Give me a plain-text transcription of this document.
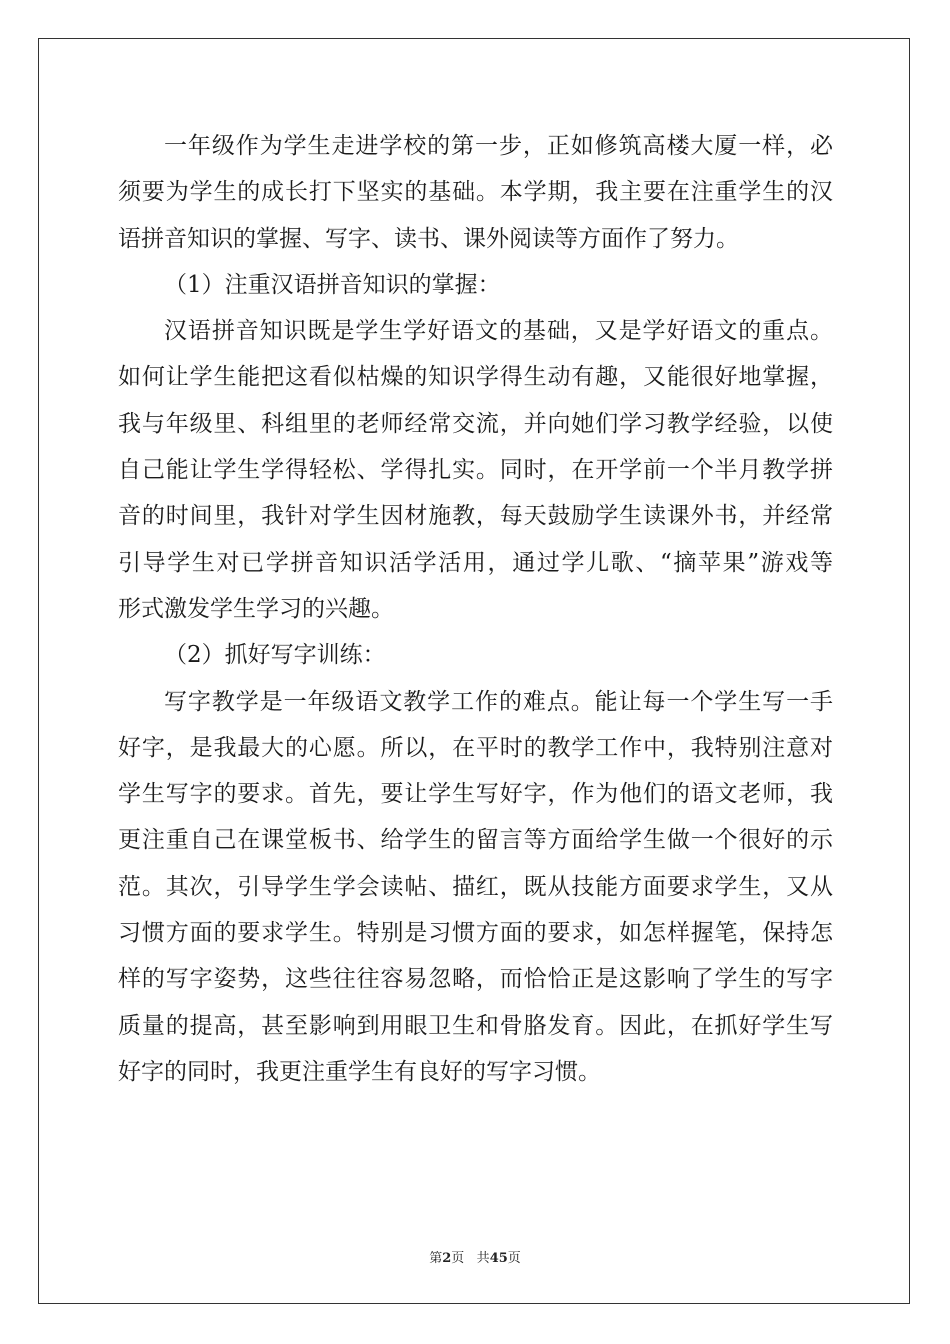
一年级作为学生走进学校的第一步，正如修筑高楼大厦一样，必
须要为学生的成长打下坚实的基础。本学期，我主要在注重学生的汉
语拼音知识的掌握、写字、读书、课外阅读等方面作了努力。
（1）注重汉语拼音知识的掌握：
汉语拼音知识既是学生学好语文的基础，又是学好语文的重点。
如何让学生能把这看似枯燥的知识学得生动有趣，又能很好地掌握，
我与年级里、科组里的老师经常交流，并向她们学习教学经验，以使
自己能让学生学得轻松、学得扎实。同时，在开学前一个半月教学拼
音的时间里，我针对学生因材施教，每天鼓励学生读课外书，并经常
引导学生对已学拼音知识活学活用，通过学儿歌、“摘苹果”游戏等
形式激发学生学习的兴趣。
（2）抓好写字训练：
写字教学是一年级语文教学工作的难点。能让每一个学生写一手
好字，是我最大的心愿。所以，在平时的教学工作中，我特别注意对
学生写字的要求。首先，要让学生写好字，作为他们的语文老师，我
更注重自己在课堂板书、给学生的留言等方面给学生做一个很好的示
范。其次，引导学生学会读帖、描红，既从技能方面要求学生，又从
习惯方面的要求学生。特别是习惯方面的要求，如怎样握笔，保持怎
样的写字姿势，这些往往容易忽略，而恰恰正是这影响了学生的写字
质量的提高，甚至影响到用眼卫生和骨胳发育。因此，在抓好学生写
好字的同时，我更注重学生有良好的写字习惯。
第2页 共45页
